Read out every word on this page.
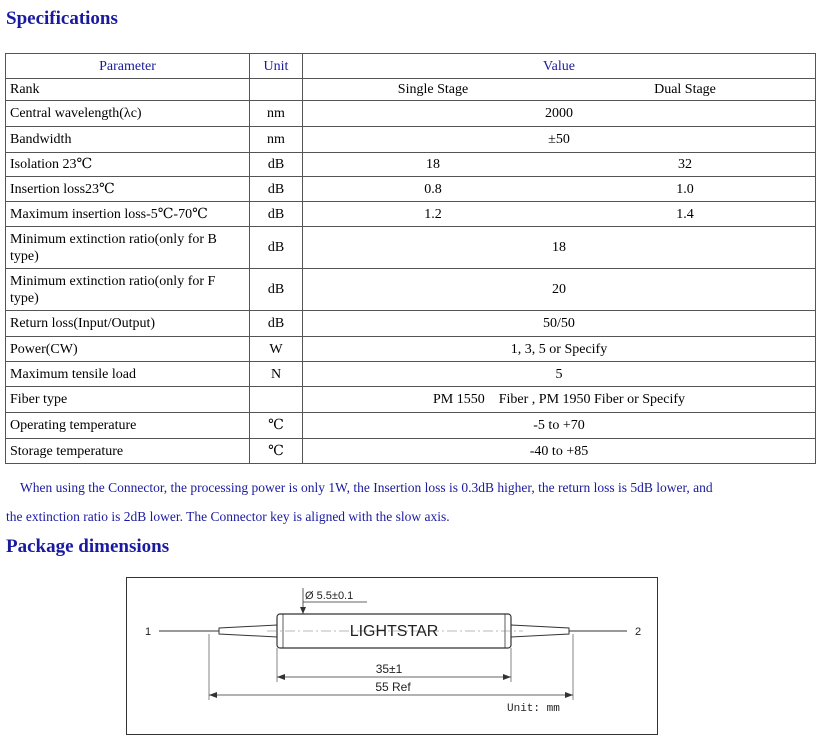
Specifications
Parameter	Unit	Value
Rank		Single Stage Dual Stage

Central wavelength(λc)	nm	2000
Bandwidth	nm	±50
Isolation 23℃	dB	18 32

Insertion loss23℃	dB	0.8 1.0

Maximum insertion loss-5℃-70℃	dB	1.2 1.4

Minimum extinction ratio(only for B type)	dB	18
Minimum extinction ratio(only for F type)	dB	20
Return loss(Input/Output)	dB	50/50
Power(CW)	W	1, 3, 5 or Specify
Maximum tensile load	N	5
Fiber type		PM 1550    Fiber , PM 1950 Fiber or Specify
Operating temperature	℃	-5 to +70
Storage temperature	℃	-40 to +85

When using the Connector, the processing power is only 1W, the Insertion loss is 0.3dB higher, the return loss is 5dB lower, and

the extinction ratio is 2dB lower. The Connector key is aligned with the slow axis.

Package dimensions
Ø 5.5±0.1
LIGHTSTAR
1	2
35±1
55 Ref
Unit: mm
